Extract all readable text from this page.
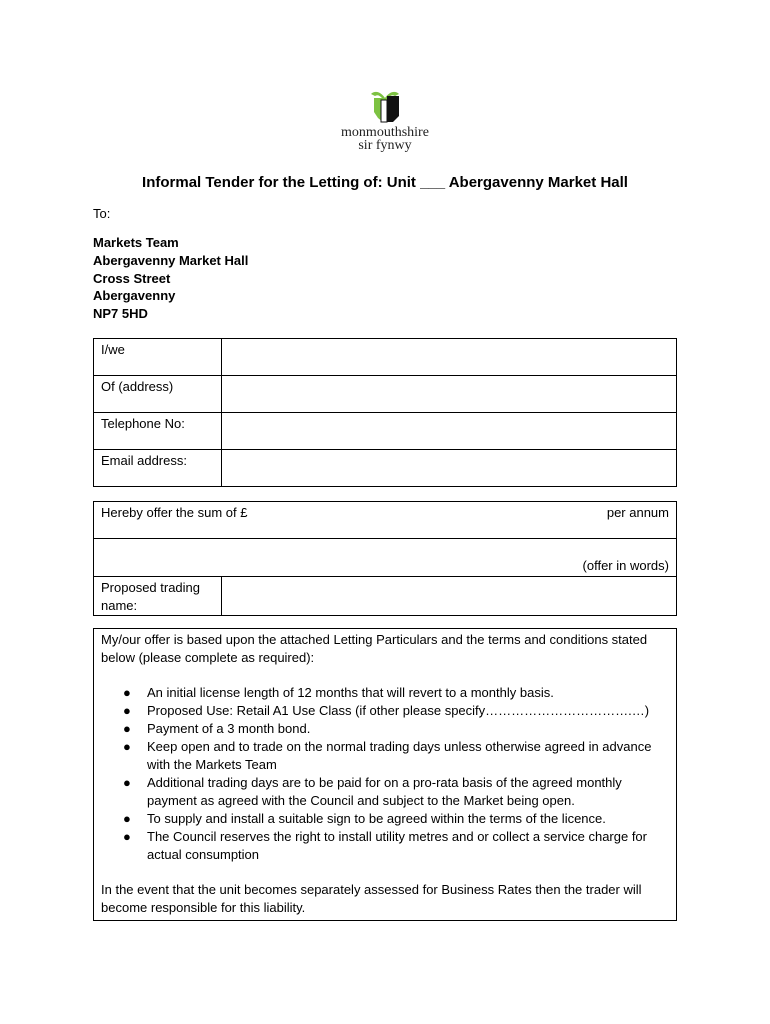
monmouthshire
sir fynwy
Informal Tender for the Letting of: Unit ___ Abergavenny Market Hall
To:
Markets Team
Abergavenny Market Hall
Cross Street
Abergavenny
NP7 5HD
I/we	
Of (address)	
Telephone No:	
Email address:	
Hereby offer the sum of £	per annum

(offer in words)
Proposed trading name:	
My/our offer is based upon the attached Letting Particulars and the terms and conditions stated below (please complete as required):
● An initial license length of 12 months that will revert to a monthly basis.
● Proposed Use: Retail A1 Use Class (if other please specify…………………………….…)
● Payment of a 3 month bond.
● Keep open and to trade on the normal trading days unless otherwise agreed in advance with the Markets Team
● Additional trading days are to be paid for on a pro-rata basis of the agreed monthly payment as agreed with the Council and subject to the Market being open.
● To supply and install a suitable sign to be agreed within the terms of the licence.
● The Council reserves the right to install utility metres and or collect a service charge for actual consumption
In the event that the unit becomes separately assessed for Business Rates then the trader will become responsible for this liability.
